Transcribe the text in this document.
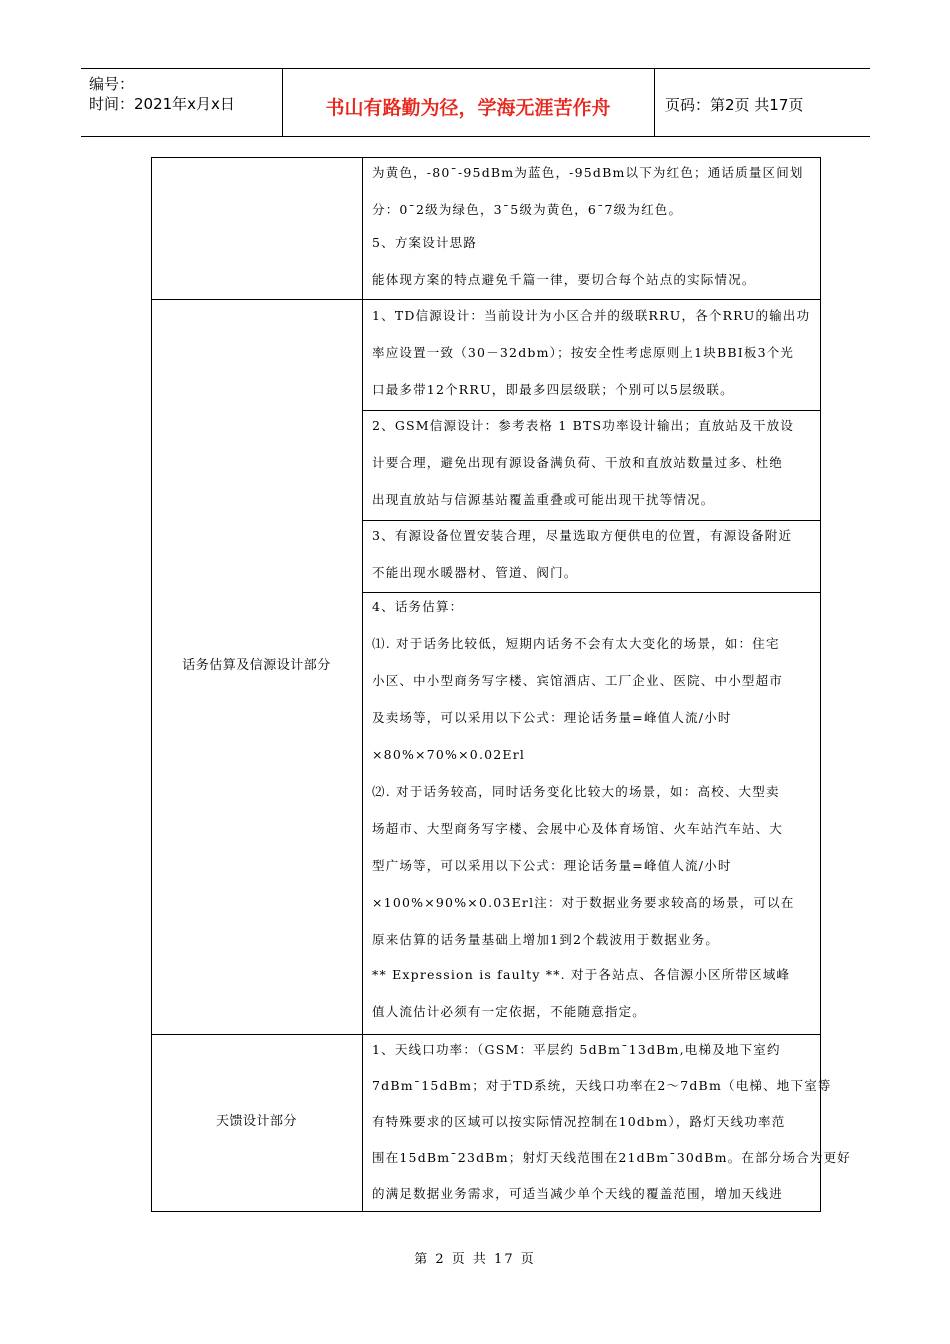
编号：
时间：2021年x月x日	书山有路勤为径，学海无涯苦作舟	页码：第2页 共17页
为黄色，-80¯-95dBm为蓝色，-95dBm以下为红色；通话质量区间划
分：0¯2级为绿色，3¯5级为黄色，6¯7级为红色。
5、方案设计思路
能体现方案的特点避免千篇一律，要切合每个站点的实际情况。
话务估算及信源设计部分
1、TD信源设计：当前设计为小区合并的级联RRU，各个RRU的输出功
率应设置一致（30－32dbm）；按安全性考虑原则上1块BBI板3个光
口最多带12个RRU，即最多四层级联；个别可以5层级联。
2、GSM信源设计：参考表格 1 BTS功率设计输出；直放站及干放设
计要合理，避免出现有源设备满负荷、干放和直放站数量过多、杜绝
出现直放站与信源基站覆盖重叠或可能出现干扰等情况。
3、有源设备位置安装合理，尽量选取方便供电的位置，有源设备附近
不能出现水暖器材、管道、阀门。
4、话务估算：
⑴. 对于话务比较低，短期内话务不会有太大变化的场景，如：住宅
小区、中小型商务写字楼、宾馆酒店、工厂企业、医院、中小型超市
及卖场等，可以采用以下公式：理论话务量=峰值人流/小时
×80%×70%×0.02Erl
⑵. 对于话务较高，同时话务变化比较大的场景，如：高校、大型卖
场超市、大型商务写字楼、会展中心及体育场馆、火车站汽车站、大
型广场等，可以采用以下公式：理论话务量=峰值人流/小时
×100%×90%×0.03Erl注：对于数据业务要求较高的场景，可以在
原来估算的话务量基础上增加1到2个载波用于数据业务。
** Expression is faulty **. 对于各站点、各信源小区所带区域峰
值人流估计必须有一定依据，不能随意指定。
天馈设计部分
1、天线口功率：（GSM：平层约 5dBm¯13dBm,电梯及地下室约
7dBm¯15dBm；对于TD系统，天线口功率在2～7dBm（电梯、地下室等
有特殊要求的区域可以按实际情况控制在10dbm），路灯天线功率范
围在15dBm¯23dBm；射灯天线范围在21dBm¯30dBm。在部分场合为更好
的满足数据业务需求，可适当减少单个天线的覆盖范围，增加天线进
第 2 页 共 17 页
